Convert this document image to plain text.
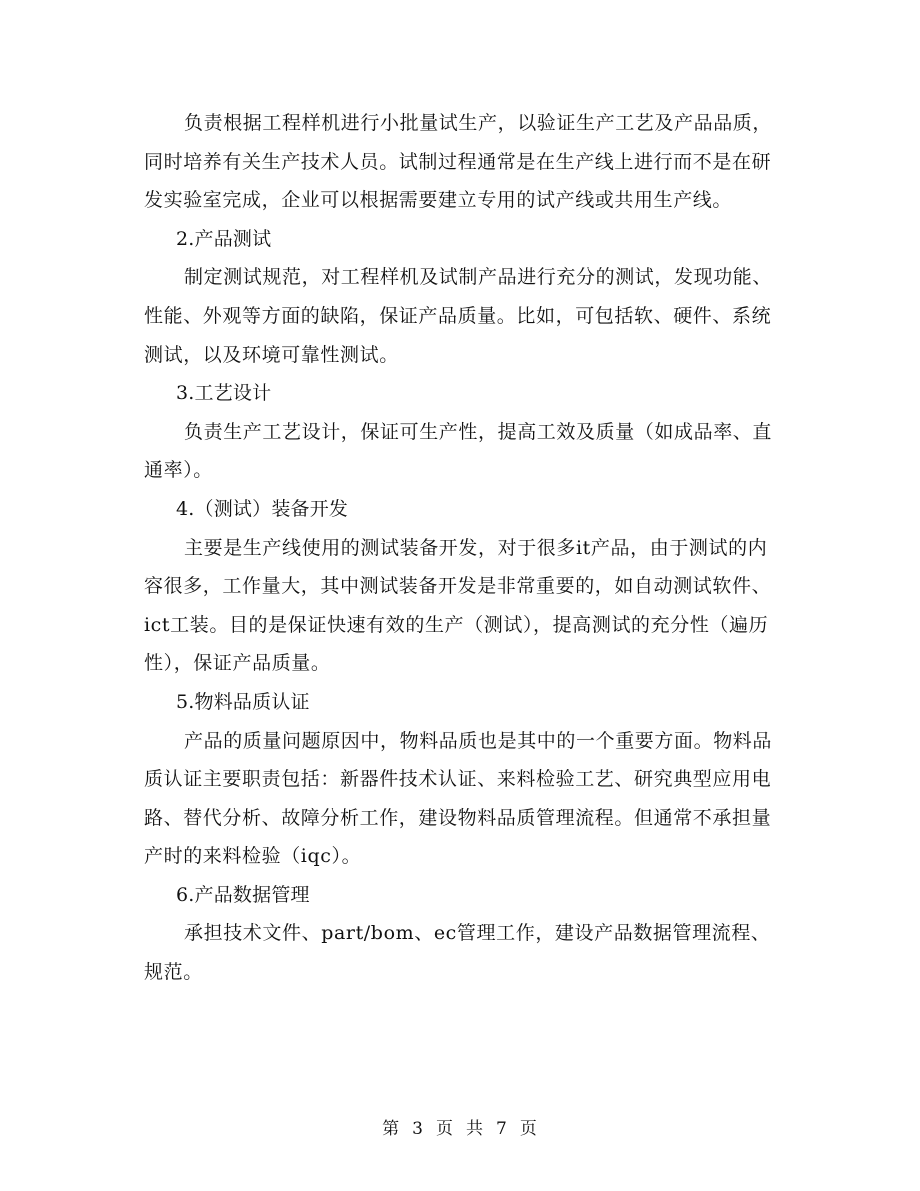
负责根据工程样机进行小批量试生产，以验证生产工艺及产品品质，同时培养有关生产技术人员。试制过程通常是在生产线上进行而不是在研发实验室完成，企业可以根据需要建立专用的试产线或共用生产线。

2.产品测试

制定测试规范，对工程样机及试制产品进行充分的测试，发现功能、性能、外观等方面的缺陷，保证产品质量。比如，可包括软、硬件、系统测试，以及环境可靠性测试。

3.工艺设计

负责生产工艺设计，保证可生产性，提高工效及质量（如成品率、直通率）。

4.（测试）装备开发

主要是生产线使用的测试装备开发，对于很多it产品，由于测试的内容很多，工作量大，其中测试装备开发是非常重要的，如自动测试软件、ict工装。目的是保证快速有效的生产（测试），提高测试的充分性（遍历性），保证产品质量。

5.物料品质认证

产品的质量问题原因中，物料品质也是其中的一个重要方面。物料品质认证主要职责包括：新器件技术认证、来料检验工艺、研究典型应用电路、替代分析、故障分析工作，建设物料品质管理流程。但通常不承担量产时的来料检验（iqc）。

6.产品数据管理

承担技术文件、part/bom、ec管理工作，建设产品数据管理流程、规范。

第 3 页 共 7 页
